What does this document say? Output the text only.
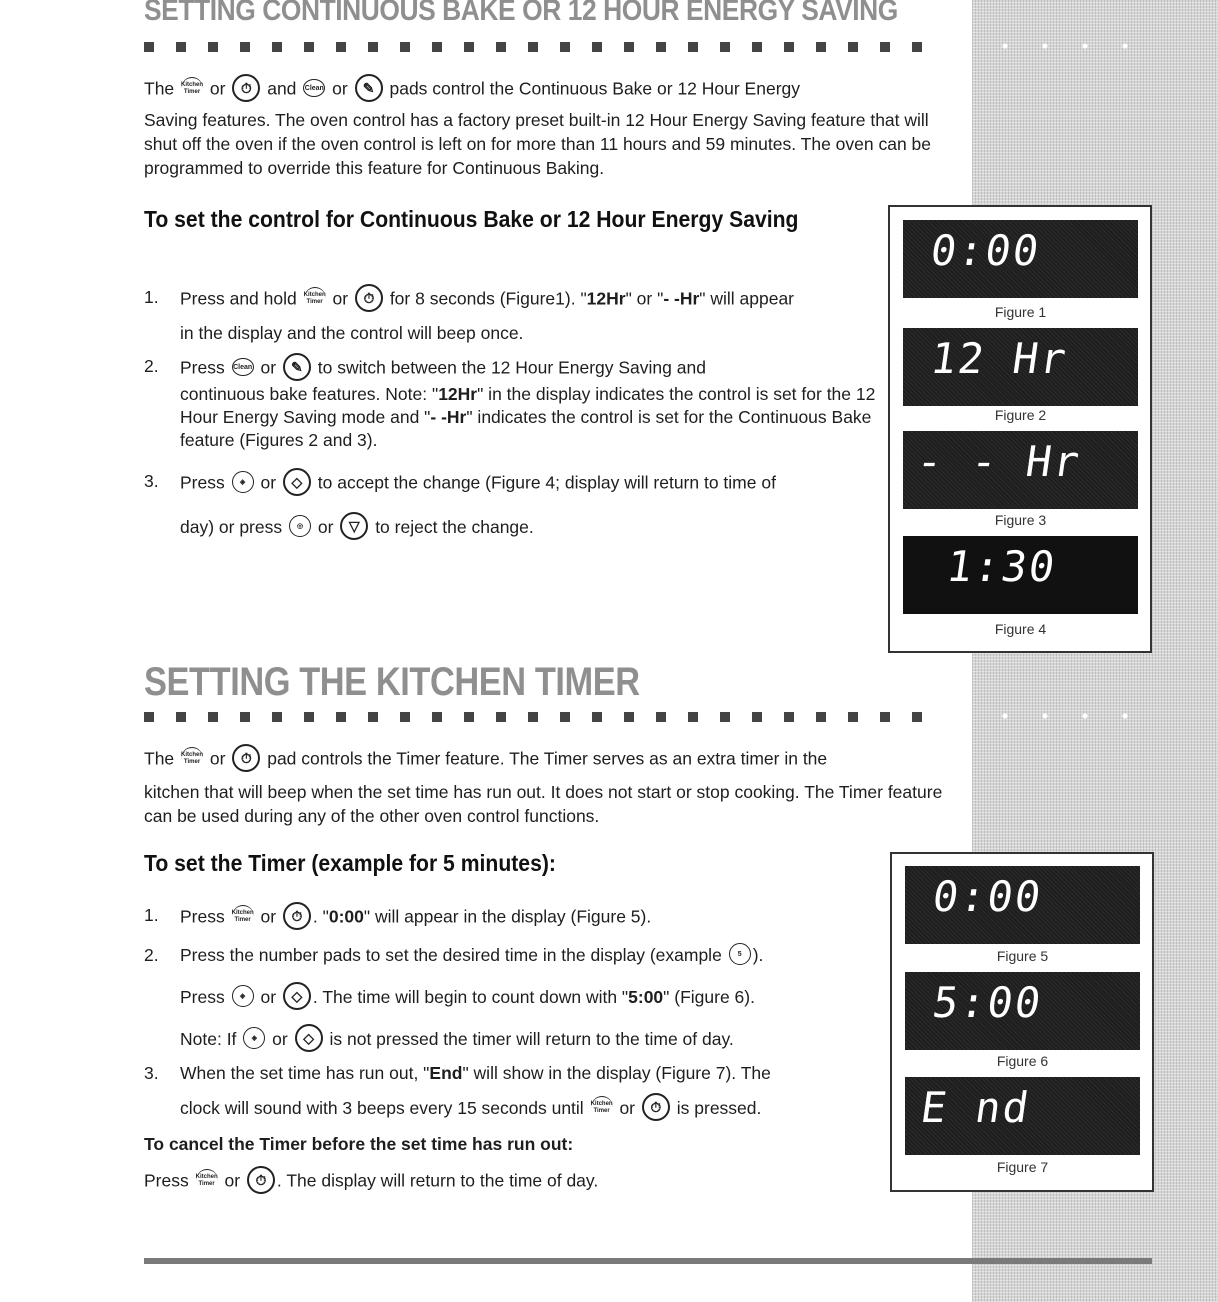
SETTING CONTINUOUS BAKE OR 12 HOUR ENERGY SAVING

The Kitchen
Timer or ⏱ and Clean or ✎ pads control the Continuous Bake or 12 Hour Energy

Saving features. The oven control has a factory preset built-in 12 Hour Energy Saving feature that will shut off the oven if the oven control is left on for more than 11 hours and 59 minutes. The oven can be programmed to override this feature for Continuous Baking.

To set the control for Continuous Bake or 12 Hour Energy Saving
1. Press and hold Kitchen
Timer or ⏱ for 8 seconds (Figure1). "12Hr" or "- -Hr" will appear
in the display and the control will beep once.
2. Press Clean or ✎ to switch between the 12 Hour Energy Saving and
continuous bake features. Note: "12Hr" in the display indicates the control is set for the 12 Hour Energy Saving mode and "- -Hr" indicates the control is set for the Continuous Bake feature (Figures 2 and 3).
3. Press ◈ or ◇ to accept the change (Figure 4; display will return to time of
day) or press ◎ or ▽ to reject the change.
0:00
Figure 1
12 Hr
Figure 2
- - Hr
Figure 3
1:30
Figure 4
SETTING THE KITCHEN TIMER

The Kitchen
Timer or ⏱ pad controls the Timer feature. The Timer serves as an extra timer in the

kitchen that will beep when the set time has run out. It does not start or stop cooking. The Timer feature can be used during any of the other oven control functions.

To set the Timer (example for 5 minutes):
1. Press Kitchen
Timer or ⏱ . "0:00" will appear in the display (Figure 5).
2. Press the number pads to set the desired time in the display (example 5 ).
Press ◈ or ◇ . The time will begin to count down with "5:00" (Figure 6).
Note: If ◈ or ◇ is not pressed the timer will return to the time of day.
3. When the set time has run out, "End" will show in the display (Figure 7). The
clock will sound with 3 beeps every 15 seconds until Kitchen
Timer or ⏱ is pressed.
To cancel the Timer before the set time has run out:
Press Kitchen
Timer or ⏱ . The display will return to the time of day.
0:00
Figure 5
5:00
Figure 6
E nd
Figure 7
